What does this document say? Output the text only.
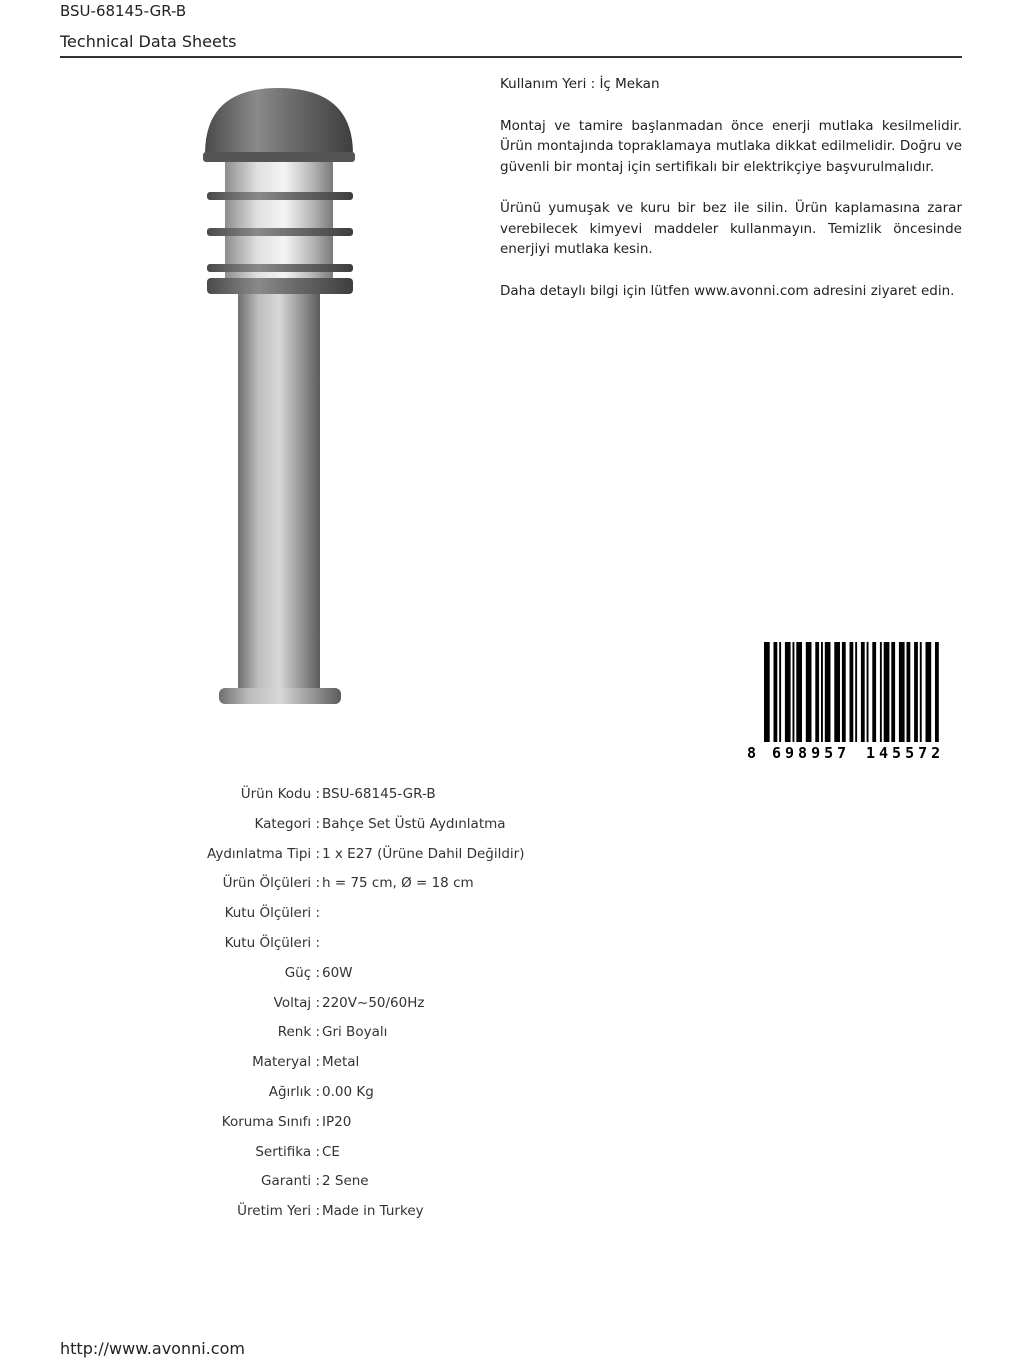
BSU-68145-GR-B
Technical Data Sheets

Kullanım Yeri : İç Mekan

Montaj ve tamire başlanmadan önce enerji mutlaka kesilmelidir. Ürün montajında topraklamaya mutlaka dikkat edilmelidir. Doğru ve güvenli bir montaj için sertifikalı bir elektrikçiye başvurulmalıdır.

Ürünü yumuşak ve kuru bir bez ile silin. Ürün kaplamasına zarar verebilecek kimyevi maddeler kullanmayın. Temizlik öncesinde enerjiyi mutlaka kesin.

Daha detaylı bilgi için lütfen www.avonni.com adresini ziyaret edin.

8 698957 145572
Ürün Kodu : BSU-68145-GR-B
Kategori : Bahçe Set Üstü Aydınlatma
Aydınlatma Tipi : 1 x E27 (Ürüne Dahil Değildir)
Ürün Ölçüleri : h = 75 cm, Ø = 18 cm
Kutu Ölçüleri :
Kutu Ölçüleri :
Güç : 60W
Voltaj : 220V~50/60Hz
Renk : Gri Boyalı
Materyal : Metal
Ağırlık : 0.00 Kg
Koruma Sınıfı : IP20
Sertifika : CE
Garanti : 2 Sene
Üretim Yeri : Made in Turkey
http://www.avonni.com
